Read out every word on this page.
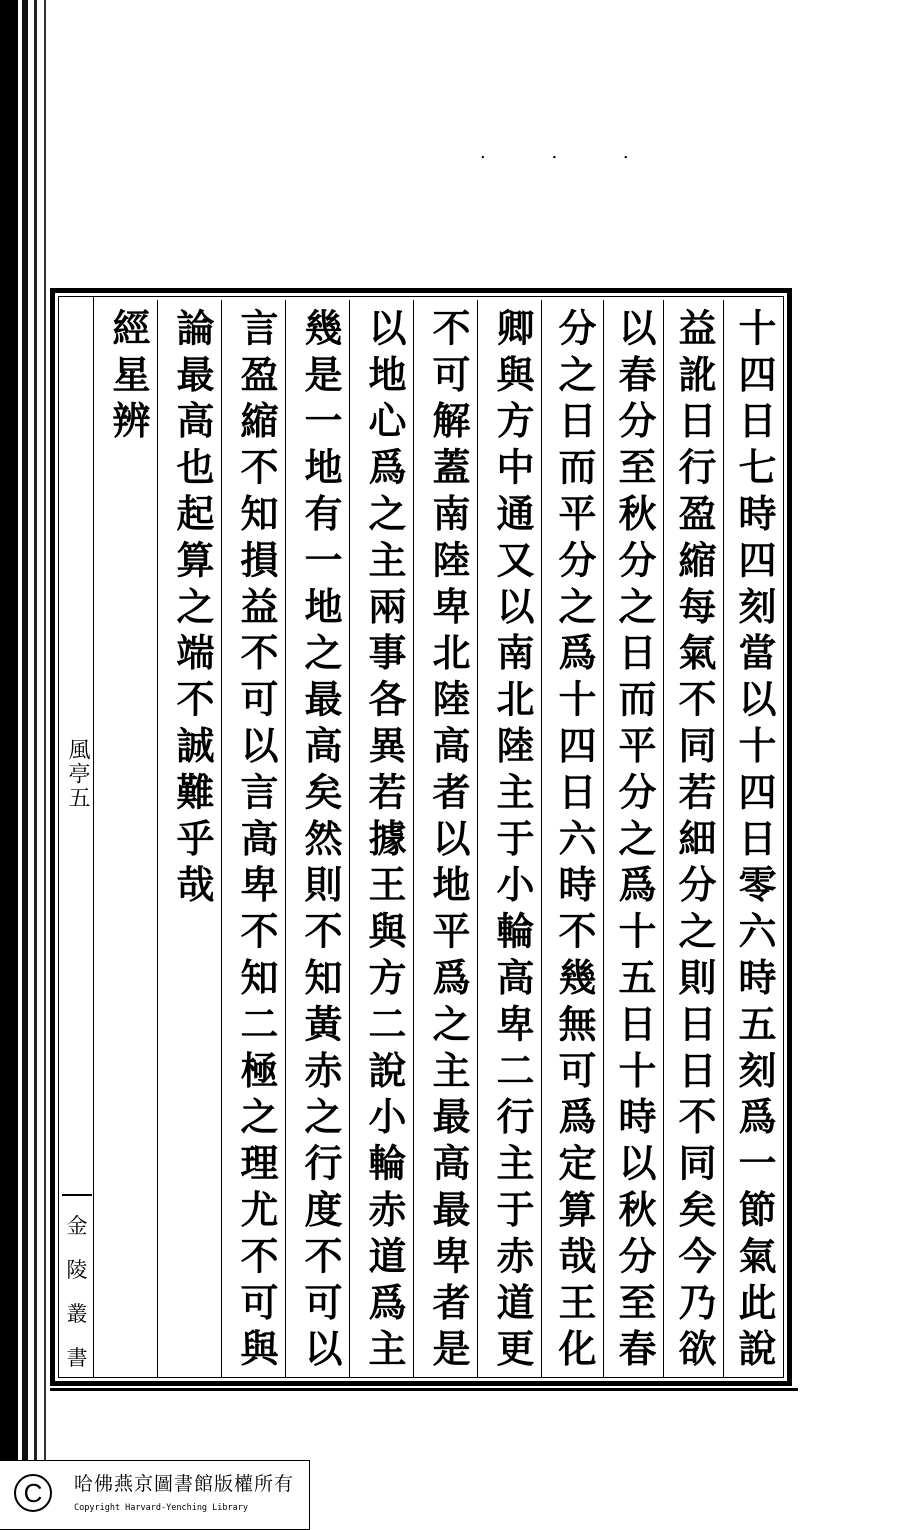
. . .
風亭五
金
陵
叢
書	十四日七時四刻當以十四日零六時五刻爲一節氣此說
益訛日行盈縮每氣不同若細分之則日日不同矣今乃欲
以春分至秋分之日而平分之爲十五日十時以秋分至春
分之日而平分之爲十四日六時不幾無可爲定算哉王化
卿與方中通又以南北陸主于小輪高卑二行主于赤道更
不可解蓋南陸卑北陸高者以地平爲之主最高最卑者是
以地心爲之主兩事各異若據王與方二說小輪赤道爲主
幾是一地有一地之最高矣然則不知黃赤之行度不可以
言盈縮不知損益不可以言高卑不知二極之理尤不可與
論最高也起算之端不誠難乎哉
經星辨
C	哈佛燕京圖書館版權所有
Copyright Harvard-Yenching Library
